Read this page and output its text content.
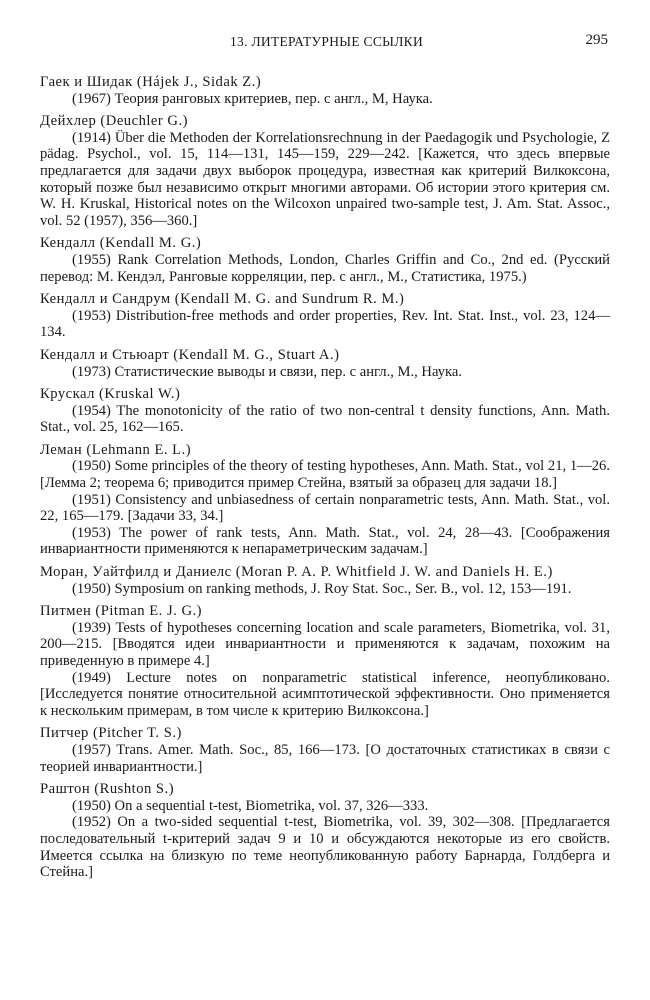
13. ЛИТЕРАТУРНЫЕ ССЫЛКИ	295
Гаек и Шидак (Hájek J., Sidak Z.)
(1967) Теория ранговых критериев, пер. с англ., М, Наука.
Дейхлер (Deuchler G.)
(1914) Über die Methoden der Korrelationsrechnung in der Paedagogik und Psychologie, Z pädag. Psychol., vol. 15, 114—131, 145—159, 229—242. [Кажется, что здесь впервые предлагается для задачи двух выборок процедура, известная как критерий Вилкоксона, который позже был независимо открыт многими авторами. Об истории этого критерия см. W. H. Kruskal, Historical notes on the Wilcoxon unpaired two-sample test, J. Am. Stat. Assoc., vol. 52 (1957), 356—360.]
Кендалл (Kendall M. G.)
(1955) Rank Correlation Methods, London, Charles Griffin and Co., 2nd ed. (Русский перевод: М. Кендэл, Ранговые корреляции, пер. с англ., М., Статистика, 1975.)
Кендалл и Сандрум (Kendall M. G. and Sundrum R. M.)
(1953) Distribution-free methods and order properties, Rev. Int. Stat. Inst., vol. 23, 124—134.
Кендалл и Стьюарт (Kendall M. G., Stuart A.)
(1973) Статистические выводы и связи, пер. с англ., М., Наука.
Крускал (Kruskal W.)
(1954) The monotonicity of the ratio of two non-central t density functions, Ann. Math. Stat., vol. 25, 162—165.
Леман (Lehmann E. L.)
(1950) Some principles of the theory of testing hypotheses, Ann. Math. Stat., vol 21, 1—26. [Лемма 2; теорема 6; приводится пример Стейна, взятый за образец для задачи 18.]
(1951) Consistency and unbiasedness of certain nonparametric tests, Ann. Math. Stat., vol. 22, 165—179. [Задачи 33, 34.]
(1953) The power of rank tests, Ann. Math. Stat., vol. 24, 28—43. [Соображения инвариантности применяются к непараметрическим задачам.]
Моран, Уайтфилд и Даниелс (Moran P. A. P. Whitfield J. W. and Daniels H. E.)
(1950) Symposium on ranking methods, J. Roy Stat. Soc., Ser. B., vol. 12, 153—191.
Питмен (Pitman E. J. G.)
(1939) Tests of hypotheses concerning location and scale parameters, Biometrika, vol. 31, 200—215. [Вводятся идеи инвариантности и применяются к задачам, похожим на приведенную в примере 4.]
(1949) Lecture notes on nonparametric statistical inference, неопубликовано. [Исследуется понятие относительной асимптотической эффективности. Оно применяется к нескольким примерам, в том числе к критерию Вилкоксона.]
Питчер (Pitcher T. S.)
(1957) Trans. Amer. Math. Soc., 85, 166—173. [О достаточных статистиках в связи с теорией инвариантности.]
Раштон (Rushton S.)
(1950) On a sequential t-test, Biometrika, vol. 37, 326—333.
(1952) On a two-sided sequential t-test, Biometrika, vol. 39, 302—308. [Предлагается последовательный t-критерий задач 9 и 10 и обсуждаются некоторые из его свойств. Имеется ссылка на близкую по теме неопубликованную работу Барнарда, Голдберга и Стейна.]
